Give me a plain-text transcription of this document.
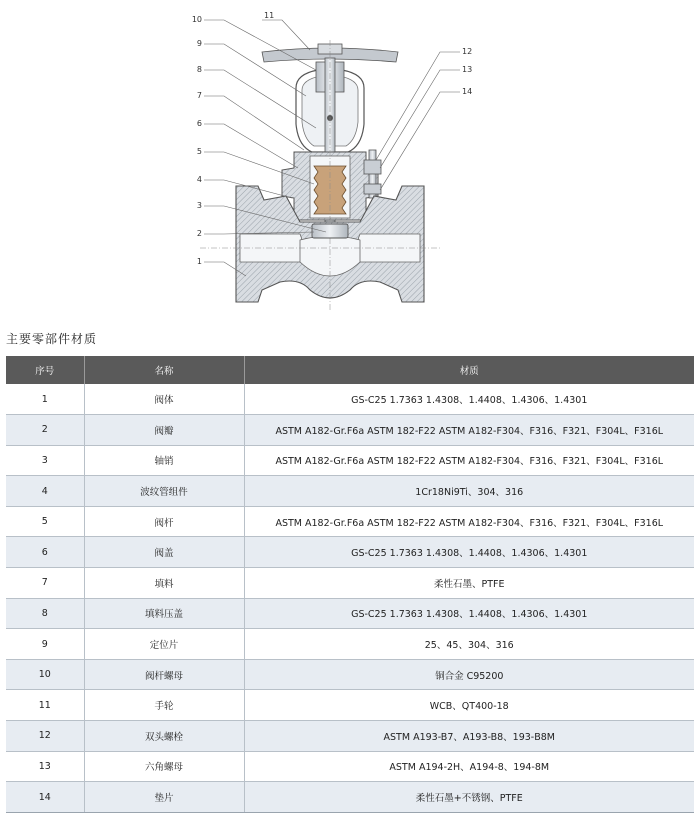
1
2
3
4
5
6
7
8
9
10	11
12
13
14
主要零部件材质
序号	名称	材质
1	阀体	GS-C25 1.7363 1.4308、1.4408、1.4306、1.4301
2	阀瓣	ASTM A182-Gr.F6a ASTM 182-F22 ASTM A182-F304、F316、F321、F304L、F316L
3	轴销	ASTM A182-Gr.F6a ASTM 182-F22 ASTM A182-F304、F316、F321、F304L、F316L
4	波纹管组件	1Cr18Ni9Ti、304、316
5	阀杆	ASTM A182-Gr.F6a ASTM 182-F22 ASTM A182-F304、F316、F321、F304L、F316L
6	阀盖	GS-C25 1.7363 1.4308、1.4408、1.4306、1.4301
7	填料	柔性石墨、PTFE
8	填料压盖	GS-C25 1.7363 1.4308、1.4408、1.4306、1.4301
9	定位片	25、45、304、316
10	阀杆螺母	铜合金 C95200
11	手轮	WCB、QT400-18
12	双头螺栓	ASTM A193-B7、A193-B8、193-B8M
13	六角螺母	ASTM A194-2H、A194-8、194-8M
14	垫片	柔性石墨+不锈钢、PTFE
